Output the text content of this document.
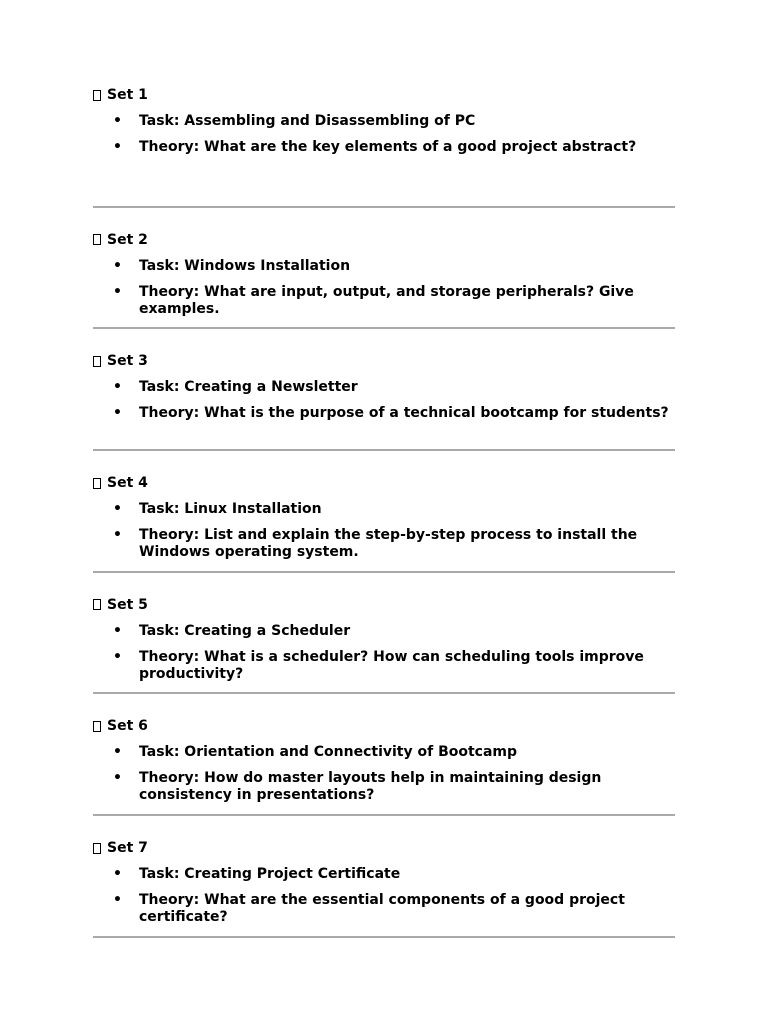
Set 1
• Task: Assembling and Disassembling of PC
• Theory: What are the key elements of a good project abstract?
Set 2
• Task: Windows Installation
• Theory: What are input, output, and storage peripherals? Give examples.
Set 3
• Task: Creating a Newsletter
• Theory: What is the purpose of a technical bootcamp for students?
Set 4
• Task: Linux Installation
• Theory: List and explain the step-by-step process to install the Windows operating system.
Set 5
• Task: Creating a Scheduler
• Theory: What is a scheduler? How can scheduling tools improve productivity?
Set 6
• Task: Orientation and Connectivity of Bootcamp
• Theory: How do master layouts help in maintaining design consistency in presentations?
Set 7
• Task: Creating Project Certificate
• Theory: What are the essential components of a good project certificate?
